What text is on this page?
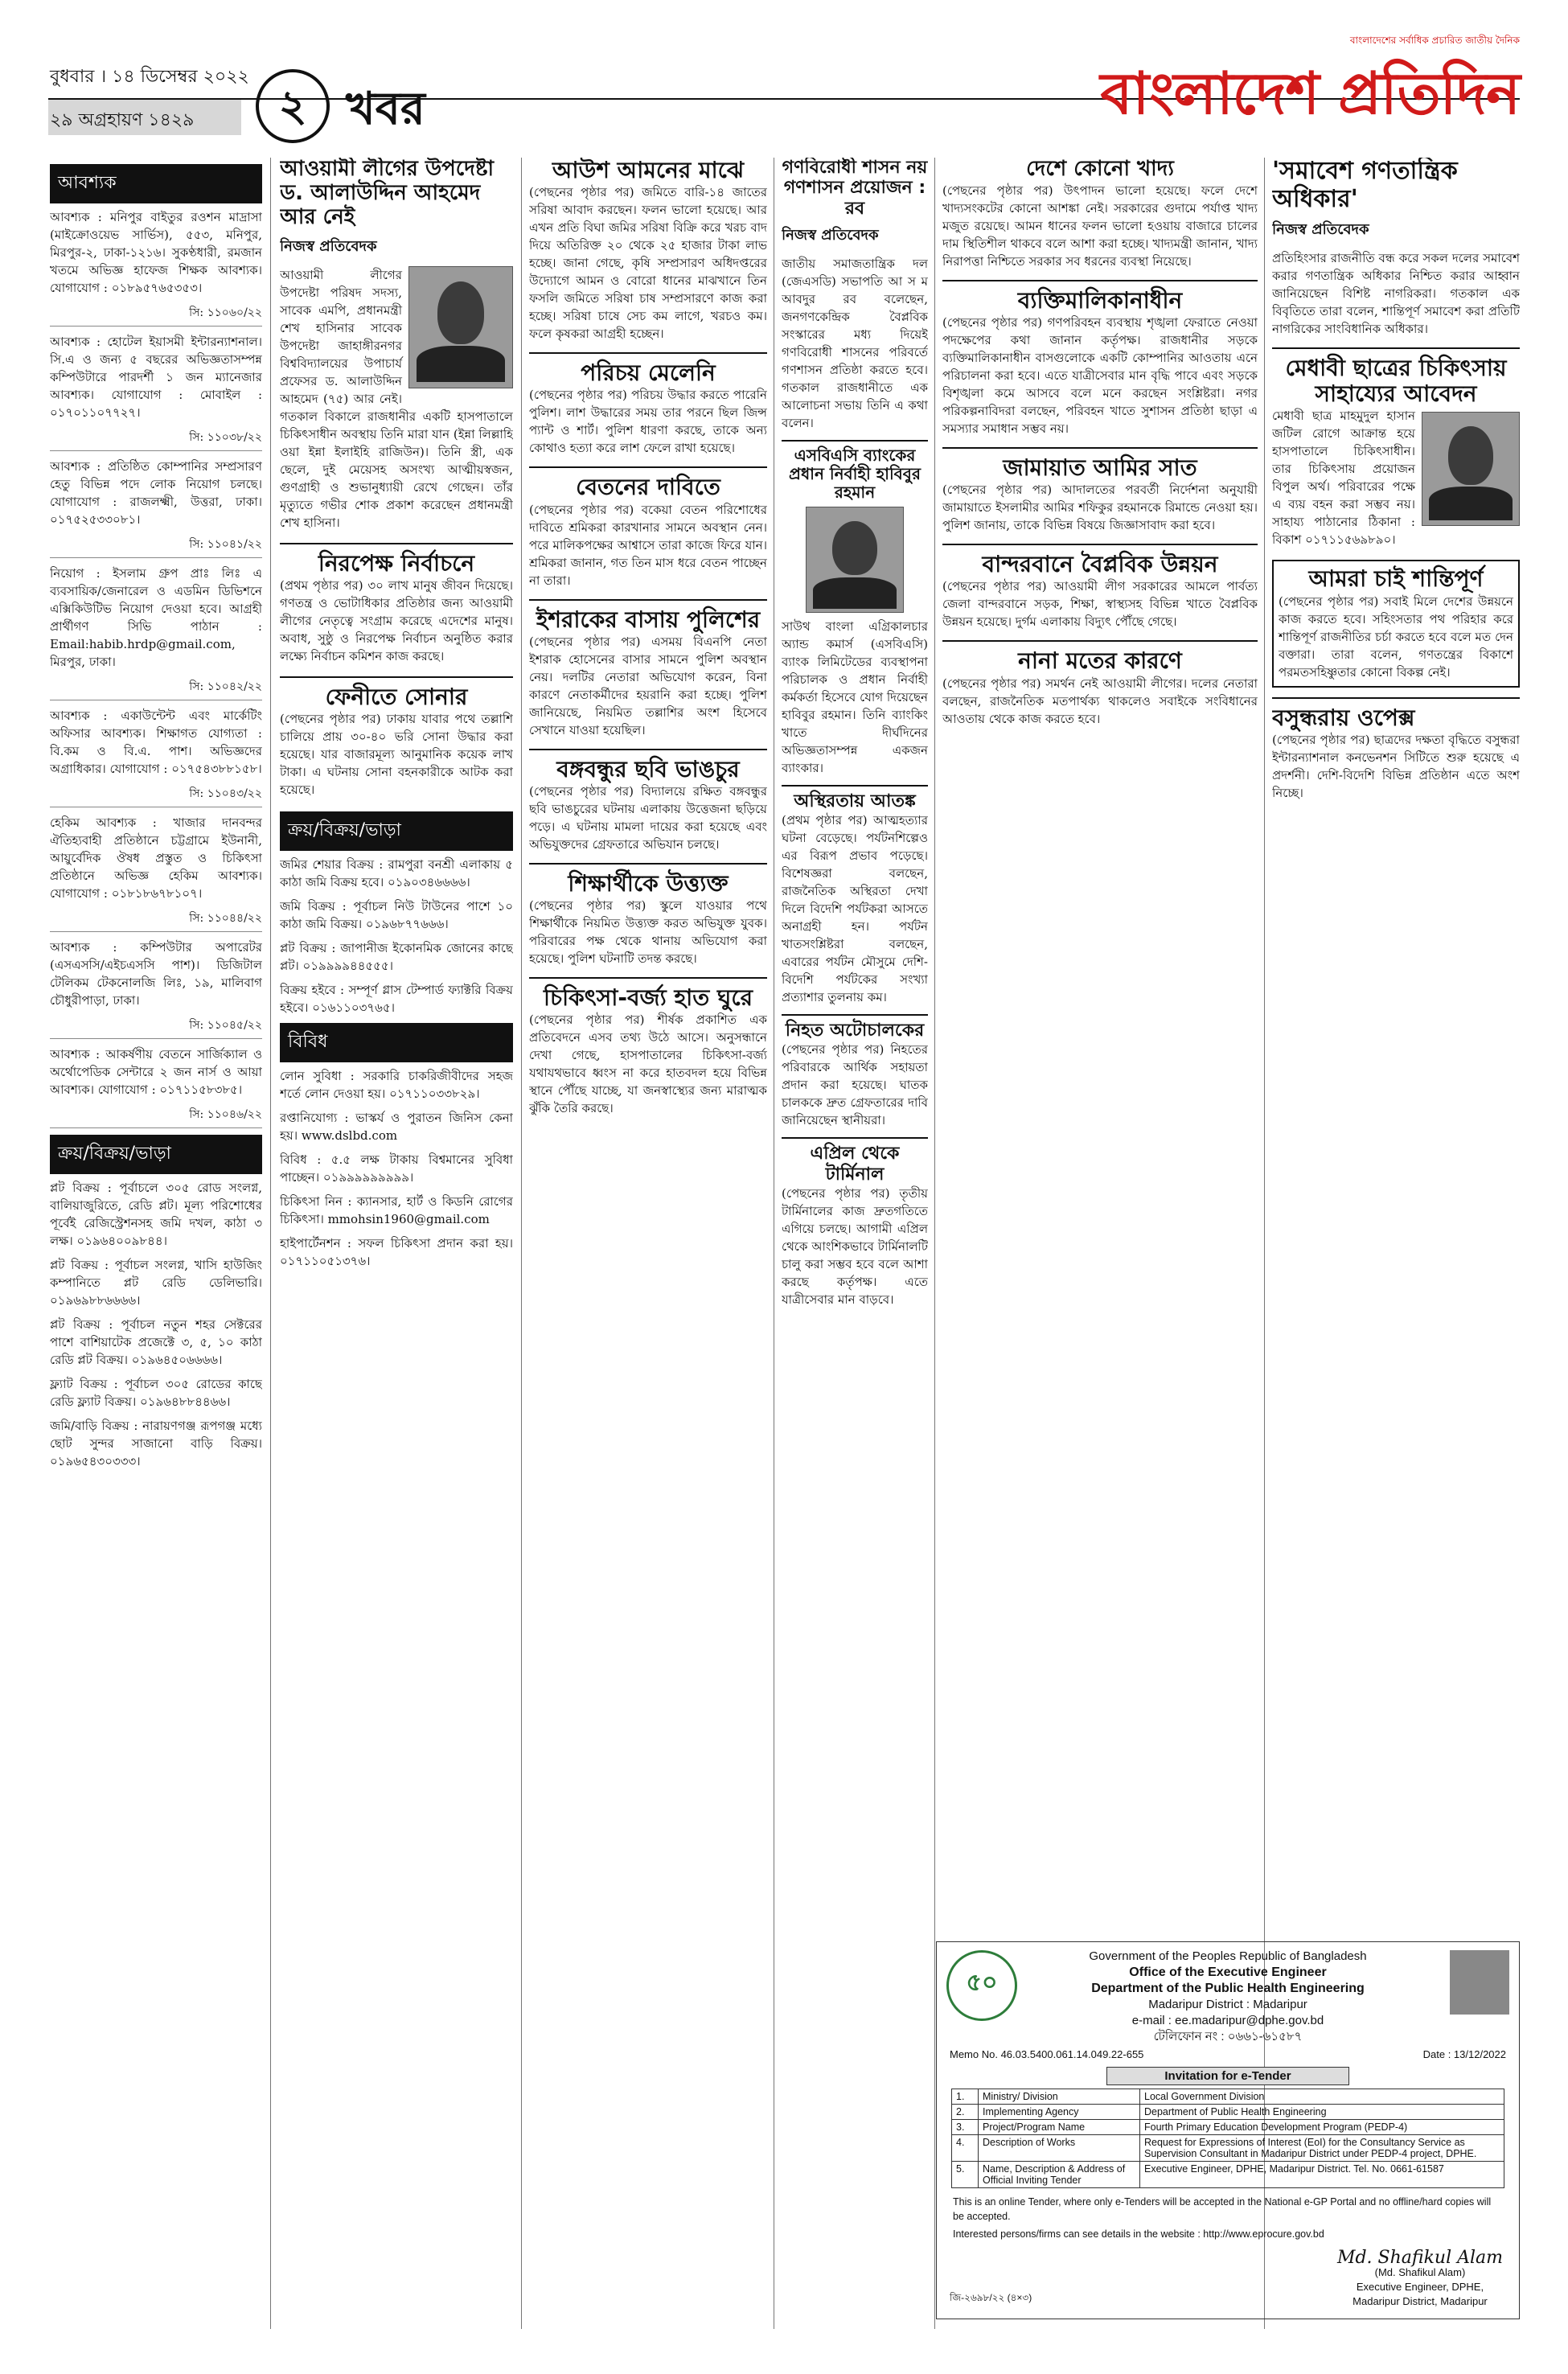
বুধবার । ১৪ ডিসেম্বর ২০২২
২৯ অগ্রহায়ণ ১৪২৯	২ খবর
বাংলাদেশের সর্বাধিক প্রচারিত জাতীয় দৈনিক
বাংলাদেশ প্রতিদিন
আবশ্যক
আবশ্যক : মনিপুর বাইতুর রওশন মাদ্রাসা (মাইক্রোওয়েভ সার্ভিস), ৫৫৩, মনিপুর, মিরপুর-২, ঢাকা-১২১৬। সুকণ্ঠধারী, রমজান খতমে অভিজ্ঞ হাফেজ শিক্ষক আবশ্যক। যোগাযোগ : ০১৮৯৫৭৬৫৩৫৩।
সি: ১১০৬০/২২
আবশ্যক : হোটেল ইয়াসমী ইন্টারন্যাশনাল। সি.এ ও জন্য ৫ বছরের অভিজ্ঞতাসম্পন্ন কম্পিউটারে পারদর্শী ১ জন ম্যানেজার আবশ্যক। যোগাযোগ : মোবাইল : ০১৭০১১০৭৭২৭।
সি: ১১০৩৮/২২
আবশ্যক : প্রতিষ্ঠিত কোম্পানির সম্প্রসারণ হেতু বিভিন্ন পদে লোক নিয়োগ চলছে। যোগাযোগ : রাজলক্ষ্মী, উত্তরা, ঢাকা। ০১৭৫২৫৩৩০৮১।
সি: ১১০৪১/২২
নিয়োগ : ইসলাম গ্রুপ প্রাঃ লিঃ এ ব্যবসায়িক/জেনারেল ও এডমিন ডিভিশনে এক্সিকিউটিভ নিয়োগ দেওয়া হবে। আগ্রহী প্রার্থীগণ সিভি পাঠান : Email:habib.hrdp@gmail.com, মিরপুর, ঢাকা।
সি: ১১০৪২/২২
আবশ্যক : একাউন্টেন্ট এবং মার্কেটিং অফিসার আবশ্যক। শিক্ষাগত যোগ্যতা : বি.কম ও বি.এ. পাশ। অভিজ্ঞদের অগ্রাধিকার। যোগাযোগ : ০১৭৫৪৩৮৮১৫৮।
সি: ১১০৪৩/২২
হেকিম আবশ্যক : খাজার দানবন্দর ঐতিহ্যবাহী প্রতিষ্ঠানে চট্টগ্রামে ইউনানী, আয়ুর্বেদিক ঔষধ প্রস্তুত ও চিকিৎসা প্রতিষ্ঠানে অভিজ্ঞ হেকিম আবশ্যক। যোগাযোগ : ০১৮১৮৬৭৮১০৭।
সি: ১১০৪৪/২২
আবশ্যক : কম্পিউটার অপারেটর (এসএসসি/এইচএসসি পাশ)। ডিজিটাল টেলিকম টেকনোলজি লিঃ, ১৯, মালিবাগ চৌধুরীপাড়া, ঢাকা।
সি: ১১০৪৫/২২
আবশ্যক : আকর্ষণীয় বেতনে সার্জিক্যাল ও অর্থোপেডিক সেন্টারে ২ জন নার্স ও আয়া আবশ্যক। যোগাযোগ : ০১৭১১৫৮৩৮৫।
সি: ১১০৪৬/২২
ক্রয়/বিক্রয়/ভাড়া
প্লট বিক্রয় : পূর্বাচলে ৩০৫ রোড সংলগ্ন, বালিয়াজুরিতে, রেডি প্লট। মূল্য পরিশোধের পূর্বেই রেজিস্ট্রেশনসহ জমি দখল, কাঠা ৩ লক্ষ। ০১৯৬৪০০৯৮৪৪।
প্লট বিক্রয় : পূর্বাচল সংলগ্ন, খাসি হাউজিং কম্পানিতে প্লট রেডি ডেলিভারি। ০১৯৬৯৮৮৬৬৬৬।
প্লট বিক্রয় : পূর্বাচল নতুন শহর সেক্টরের পাশে বাশিয়াটেক প্রজেক্টে ৩, ৫, ১০ কাঠা রেডি প্লট বিক্রয়। ০১৯৬৪৫০৬৬৬৬।
ফ্ল্যাট বিক্রয় : পূর্বাচল ৩০৫ রোডের কাছে রেডি ফ্ল্যাট বিক্রয়। ০১৯৬৪৮৮৪৪৬৬।
জমি/বাড়ি বিক্রয় : নারায়ণগঞ্জ রূপগঞ্জ মধ্যে ছোট সুন্দর সাজানো বাড়ি বিক্রয়। ০১৯৬৫৪৩০৩৩৩।
আওয়ামী লীগের উপদেষ্টা ড. আলাউদ্দিন আহমেদ আর নেই
নিজস্ব প্রতিবেদক
আওয়ামী লীগের উপদেষ্টা পরিষদ সদস্য, সাবেক এমপি, প্রধানমন্ত্রী শেখ হাসিনার সাবেক উপদেষ্টা জাহাঙ্গীরনগর বিশ্ববিদ্যালয়ের উপাচার্য প্রফেসর ড. আলাউদ্দিন আহমেদ (৭৫) আর নেই। গতকাল বিকালে রাজধানীর একটি হাসপাতালে চিকিৎসাধীন অবস্থায় তিনি মারা যান (ইন্না লিল্লাহি ওয়া ইন্না ইলাইহি রাজিউন)। তিনি স্ত্রী, এক ছেলে, দুই মেয়েসহ অসংখ্য আত্মীয়স্বজন, গুণগ্রাহী ও শুভানুধ্যায়ী রেখে গেছেন। তাঁর মৃত্যুতে গভীর শোক প্রকাশ করেছেন প্রধানমন্ত্রী শেখ হাসিনা।
নিরপেক্ষ নির্বাচনে
(প্রথম পৃষ্ঠার পর) ৩০ লাখ মানুষ জীবন দিয়েছে। গণতন্ত্র ও ভোটাধিকার প্রতিষ্ঠার জন্য আওয়ামী লীগের নেতৃত্বে সংগ্রাম করেছে এদেশের মানুষ। অবাধ, সুষ্ঠু ও নিরপেক্ষ নির্বাচন অনুষ্ঠিত করার লক্ষ্যে নির্বাচন কমিশন কাজ করছে।
ফেনীতে সোনার
(পেছনের পৃষ্ঠার পর) ঢাকায় যাবার পথে তল্লাশি চালিয়ে প্রায় ৩০-৪০ ভরি সোনা উদ্ধার করা হয়েছে। যার বাজারমূল্য আনুমানিক কয়েক লাখ টাকা। এ ঘটনায় সোনা বহনকারীকে আটক করা হয়েছে।
ক্রয়/বিক্রয়/ভাড়া
জমির শেয়ার বিক্রয় : রামপুরা বনশ্রী এলাকায় ৫ কাঠা জমি বিক্রয় হবে। ০১৯০৩৪৬৬৬৬।
জমি বিক্রয় : পূর্বাচল নিউ টাউনের পাশে ১০ কাঠা জমি বিক্রয়। ০১৯৬৮৭৭৬৬৬।
প্লট বিক্রয় : জাপানীজ ইকোনমিক জোনের কাছে প্লট। ০১৯৯৯৯৪৪৫৫৫।
বিক্রয় হইবে : সম্পূর্ণ গ্লাস টেম্পার্ড ফ্যাক্টরি বিক্রয় হইবে। ০১৬১১০৩৭৬৫।
বিবিধ
লোন সুবিধা : সরকারি চাকরিজীবীদের সহজ শর্তে লোন দেওয়া হয়। ০১৭১১০৩৩৮২৯।
রপ্তানিযোগ্য : ভাস্কর্য ও পুরাতন জিনিস কেনা হয়। www.dslbd.com
বিবিধ : ৫.৫ লক্ষ টাকায় বিশ্বমানের সুবিধা পাচ্ছেন। ০১৯৯৯৯৯৯৯৯৯।
চিকিৎসা নিন : ক্যানসার, হার্ট ও কিডনি রোগের চিকিৎসা। mmohsin1960@gmail.com
হাইপার্টেনশন : সফল চিকিৎসা প্রদান করা হয়। ০১৭১১০৫১৩৭৬।
আউশ আমনের মাঝে
(পেছনের পৃষ্ঠার পর) জমিতে বারি-১৪ জাতের সরিষা আবাদ করছেন। ফলন ভালো হয়েছে। আর এখন প্রতি বিঘা জমির সরিষা বিক্রি করে খরচ বাদ দিয়ে অতিরিক্ত ২০ থেকে ২৫ হাজার টাকা লাভ হচ্ছে। জানা গেছে, কৃষি সম্প্রসারণ অধিদপ্তরের উদ্যোগে আমন ও বোরো ধানের মাঝখানে তিন ফসলি জমিতে সরিষা চাষ সম্প্রসারণে কাজ করা হচ্ছে। সরিষা চাষে সেচ কম লাগে, খরচও কম। ফলে কৃষকরা আগ্রহী হচ্ছেন।
পরিচয় মেলেনি
(পেছনের পৃষ্ঠার পর) পরিচয় উদ্ধার করতে পারেনি পুলিশ। লাশ উদ্ধারের সময় তার পরনে ছিল জিন্স প্যান্ট ও শার্ট। পুলিশ ধারণা করছে, তাকে অন্য কোথাও হত্যা করে লাশ ফেলে রাখা হয়েছে।
বেতনের দাবিতে
(পেছনের পৃষ্ঠার পর) বকেয়া বেতন পরিশোধের দাবিতে শ্রমিকরা কারখানার সামনে অবস্থান নেন। পরে মালিকপক্ষের আশ্বাসে তারা কাজে ফিরে যান। শ্রমিকরা জানান, গত তিন মাস ধরে বেতন পাচ্ছেন না তারা।
ইশরাকের বাসায় পুলিশের
(পেছনের পৃষ্ঠার পর) এসময় বিএনপি নেতা ইশরাক হোসেনের বাসার সামনে পুলিশ অবস্থান নেয়। দলটির নেতারা অভিযোগ করেন, বিনা কারণে নেতাকর্মীদের হয়রানি করা হচ্ছে। পুলিশ জানিয়েছে, নিয়মিত তল্লাশির অংশ হিসেবে সেখানে যাওয়া হয়েছিল।
বঙ্গবন্ধুর ছবি ভাঙচুর
(পেছনের পৃষ্ঠার পর) বিদ্যালয়ে রক্ষিত বঙ্গবন্ধুর ছবি ভাঙচুরের ঘটনায় এলাকায় উত্তেজনা ছড়িয়ে পড়ে। এ ঘটনায় মামলা দায়ের করা হয়েছে এবং অভিযুক্তদের গ্রেফতারে অভিযান চলছে।
শিক্ষার্থীকে উত্ত্যক্ত
(পেছনের পৃষ্ঠার পর) স্কুলে যাওয়ার পথে শিক্ষার্থীকে নিয়মিত উত্ত্যক্ত করত অভিযুক্ত যুবক। পরিবারের পক্ষ থেকে থানায় অভিযোগ করা হয়েছে। পুলিশ ঘটনাটি তদন্ত করছে।
চিকিৎসা-বর্জ্য হাত ঘুরে
(পেছনের পৃষ্ঠার পর) শীর্ষক প্রকাশিত এক প্রতিবেদনে এসব তথ্য উঠে আসে। অনুসন্ধানে দেখা গেছে, হাসপাতালের চিকিৎসা-বর্জ্য যথাযথভাবে ধ্বংস না করে হাতবদল হয়ে বিভিন্ন স্থানে পৌঁছে যাচ্ছে, যা জনস্বাস্থ্যের জন্য মারাত্মক ঝুঁকি তৈরি করছে।
গণবিরোধী শাসন নয় গণশাসন প্রয়োজন : রব
নিজস্ব প্রতিবেদক
জাতীয় সমাজতান্ত্রিক দল (জেএসডি) সভাপতি আ স ম আবদুর রব বলেছেন, জনগণকেন্দ্রিক বৈপ্লবিক সংস্কারের মধ্য দিয়েই গণবিরোধী শাসনের পরিবর্তে গণশাসন প্রতিষ্ঠা করতে হবে। গতকাল রাজধানীতে এক আলোচনা সভায় তিনি এ কথা বলেন।
এসবিএসি ব্যাংকের প্রধান নির্বাহী হাবিবুর রহমান
সাউথ বাংলা এগ্রিকালচার অ্যান্ড কমার্স (এসবিএসি) ব্যাংক লিমিটেডের ব্যবস্থাপনা পরিচালক ও প্রধান নির্বাহী কর্মকর্তা হিসেবে যোগ দিয়েছেন হাবিবুর রহমান। তিনি ব্যাংকিং খাতে দীর্ঘদিনের অভিজ্ঞতাসম্পন্ন একজন ব্যাংকার।
অস্থিরতায় আতঙ্ক
(প্রথম পৃষ্ঠার পর) আত্মহত্যার ঘটনা বেড়েছে। পর্যটনশিল্পেও এর বিরূপ প্রভাব পড়েছে। বিশেষজ্ঞরা বলছেন, রাজনৈতিক অস্থিরতা দেখা দিলে বিদেশি পর্যটকরা আসতে অনাগ্রহী হন। পর্যটন খাতসংশ্লিষ্টরা বলছেন, এবারের পর্যটন মৌসুমে দেশি-বিদেশি পর্যটকের সংখ্যা প্রত্যাশার তুলনায় কম।
নিহত অটোচালকের
(পেছনের পৃষ্ঠার পর) নিহতের পরিবারকে আর্থিক সহায়তা প্রদান করা হয়েছে। ঘাতক চালককে দ্রুত গ্রেফতারের দাবি জানিয়েছেন স্থানীয়রা।
এপ্রিল থেকে টার্মিনাল
(পেছনের পৃষ্ঠার পর) তৃতীয় টার্মিনালের কাজ দ্রুতগতিতে এগিয়ে চলছে। আগামী এপ্রিল থেকে আংশিকভাবে টার্মিনালটি চালু করা সম্ভব হবে বলে আশা করছে কর্তৃপক্ষ। এতে যাত্রীসেবার মান বাড়বে।
দেশে কোনো খাদ্য
(পেছনের পৃষ্ঠার পর) উৎপাদন ভালো হয়েছে। ফলে দেশে খাদ্যসংকটের কোনো আশঙ্কা নেই। সরকারের গুদামে পর্যাপ্ত খাদ্য মজুত রয়েছে। আমন ধানের ফলন ভালো হওয়ায় বাজারে চালের দাম স্থিতিশীল থাকবে বলে আশা করা হচ্ছে। খাদ্যমন্ত্রী জানান, খাদ্য নিরাপত্তা নিশ্চিতে সরকার সব ধরনের ব্যবস্থা নিয়েছে।
ব্যক্তিমালিকানাধীন
(পেছনের পৃষ্ঠার পর) গণপরিবহন ব্যবস্থায় শৃঙ্খলা ফেরাতে নেওয়া পদক্ষেপের কথা জানান কর্তৃপক্ষ। রাজধানীর সড়কে ব্যক্তিমালিকানাধীন বাসগুলোকে একটি কোম্পানির আওতায় এনে পরিচালনা করা হবে। এতে যাত্রীসেবার মান বৃদ্ধি পাবে এবং সড়কে বিশৃঙ্খলা কমে আসবে বলে মনে করছেন সংশ্লিষ্টরা। নগর পরিকল্পনাবিদরা বলছেন, পরিবহন খাতে সুশাসন প্রতিষ্ঠা ছাড়া এ সমস্যার সমাধান সম্ভব নয়।
জামায়াত আমির সাত
(পেছনের পৃষ্ঠার পর) আদালতের পরবর্তী নির্দেশনা অনুযায়ী জামায়াতে ইসলামীর আমির শফিকুর রহমানকে রিমান্ডে নেওয়া হয়। পুলিশ জানায়, তাকে বিভিন্ন বিষয়ে জিজ্ঞাসাবাদ করা হবে।
বান্দরবানে বৈপ্লবিক উন্নয়ন
(পেছনের পৃষ্ঠার পর) আওয়ামী লীগ সরকারের আমলে পার্বত্য জেলা বান্দরবানে সড়ক, শিক্ষা, স্বাস্থ্যসহ বিভিন্ন খাতে বৈপ্লবিক উন্নয়ন হয়েছে। দুর্গম এলাকায় বিদ্যুৎ পৌঁছে গেছে।
নানা মতের কারণে
(পেছনের পৃষ্ঠার পর) সমর্থন নেই আওয়ামী লীগের। দলের নেতারা বলছেন, রাজনৈতিক মতপার্থক্য থাকলেও সবাইকে সংবিধানের আওতায় থেকে কাজ করতে হবে।
'সমাবেশ গণতান্ত্রিক অধিকার'
নিজস্ব প্রতিবেদক
প্রতিহিংসার রাজনীতি বন্ধ করে সকল দলের সমাবেশ করার গণতান্ত্রিক অধিকার নিশ্চিত করার আহ্বান জানিয়েছেন বিশিষ্ট নাগরিকরা। গতকাল এক বিবৃতিতে তারা বলেন, শান্তিপূর্ণ সমাবেশ করা প্রতিটি নাগরিকের সাংবিধানিক অধিকার।
মেধাবী ছাত্রের চিকিৎসায় সাহায্যের আবেদন
মেধাবী ছাত্র মাহমুদুল হাসান জটিল রোগে আক্রান্ত হয়ে হাসপাতালে চিকিৎসাধীন। তার চিকিৎসায় প্রয়োজন বিপুল অর্থ। পরিবারের পক্ষে এ ব্যয় বহন করা সম্ভব নয়। সাহায্য পাঠানোর ঠিকানা : বিকাশ ০১৭১১৫৬৯৮৯০।
আমরা চাই শান্তিপূর্ণ
(পেছনের পৃষ্ঠার পর) সবাই মিলে দেশের উন্নয়নে কাজ করতে হবে। সহিংসতার পথ পরিহার করে শান্তিপূর্ণ রাজনীতির চর্চা করতে হবে বলে মত দেন বক্তারা। তারা বলেন, গণতন্ত্রের বিকাশে পরমতসহিষ্ণুতার কোনো বিকল্প নেই।
বসুন্ধরায় ওপেক্স
(পেছনের পৃষ্ঠার পর) ছাত্রদের দক্ষতা বৃদ্ধিতে বসুন্ধরা ইন্টারন্যাশনাল কনভেনশন সিটিতে শুরু হয়েছে এ প্রদর্শনী। দেশি-বিদেশি বিভিন্ন প্রতিষ্ঠান এতে অংশ নিচ্ছে।
৫০
Government of the Peoples Republic of Bangladesh
Office of the Executive Engineer
Department of the Public Health Engineering
Madaripur District : Madaripur
e-mail : ee.madaripur@dphe.gov.bd
টেলিফোন নং : ০৬৬১-৬১৫৮৭
Memo No. 46.03.5400.061.14.049.22-655	Date : 13/12/2022
Invitation for e-Tender
1.	Ministry/ Division	Local Government Division
2.	Implementing Agency	Department of Public Health Engineering
3.	Project/Program Name	Fourth Primary Education Development Program (PEDP-4)
4.	Description of Works	Request for Expressions of Interest (EoI) for the Consultancy Service as Supervision Consultant in Madaripur District under PEDP-4 project, DPHE.
5.	Name, Description & Address of Official Inviting Tender	Executive Engineer, DPHE, Madaripur District. Tel. No. 0661-61587
This is an online Tender, where only e-Tenders will be accepted in the National e-GP Portal and no offline/hard copies will be accepted.
Interested persons/firms can see details in the website : http://www.eprocure.gov.bd
Md. Shafikul Alam
(Md. Shafikul Alam)
Executive Engineer, DPHE,
Madaripur District, Madaripur
জি-২৬৯৮/২২ (৪×৩)
